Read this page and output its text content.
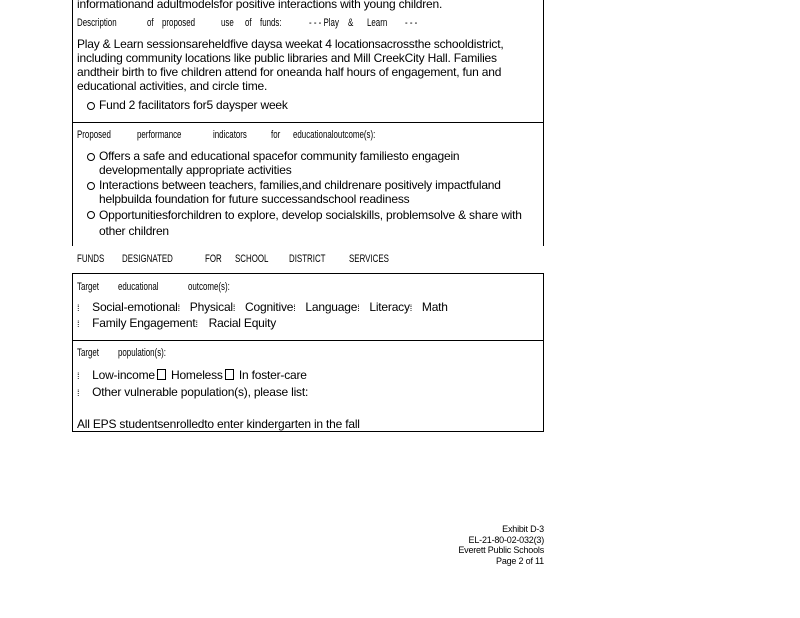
informationand adultmodelsfor positive interactions with young children.
Description	of proposed use of funds: - - - Play & Learn - - -
Play & Learn sessionsareheldfive daysa weekat 4 locationsacrossthe schooldistrict, including community locations like public libraries and Mill CreekCity Hall. Families andtheir birth to five children attend for oneanda half hours of engagement, fun and educational activities, and circle time.
Fund 2 facilitators for5 daysper week
Proposed performance	indicators for educationaloutcome(s):
Offers a safe and educational spacefor community familiesto engagein developmentally appropriate activities
Interactions between teachers, families,and childrenare positively impactfuland helpbuilda foundation for future successandschool readiness
Opportunitiesforchildren to explore, develop socialskills, problemsolve & share with other children
FUNDS DESIGNATED	FOR SCHOOL DISTRICT SERVICES
Target educational	outcome(s):
⁞ Social-emotional⁞ Physical⁞ Cognitive⁞ Language⁞ Literacy⁞ Math
⁞ Family Engagement⁞ Racial Equity
Target population(s):
⁞ Low-income Homeless In foster-care
⁞ Other vulnerable population(s), please list:
All EPS studentsenrolledto enter kindergarten in the fall
Exhibit D-3
EL-21-80-02-032(3)
Everett Public Schools
Page 2 of 11
